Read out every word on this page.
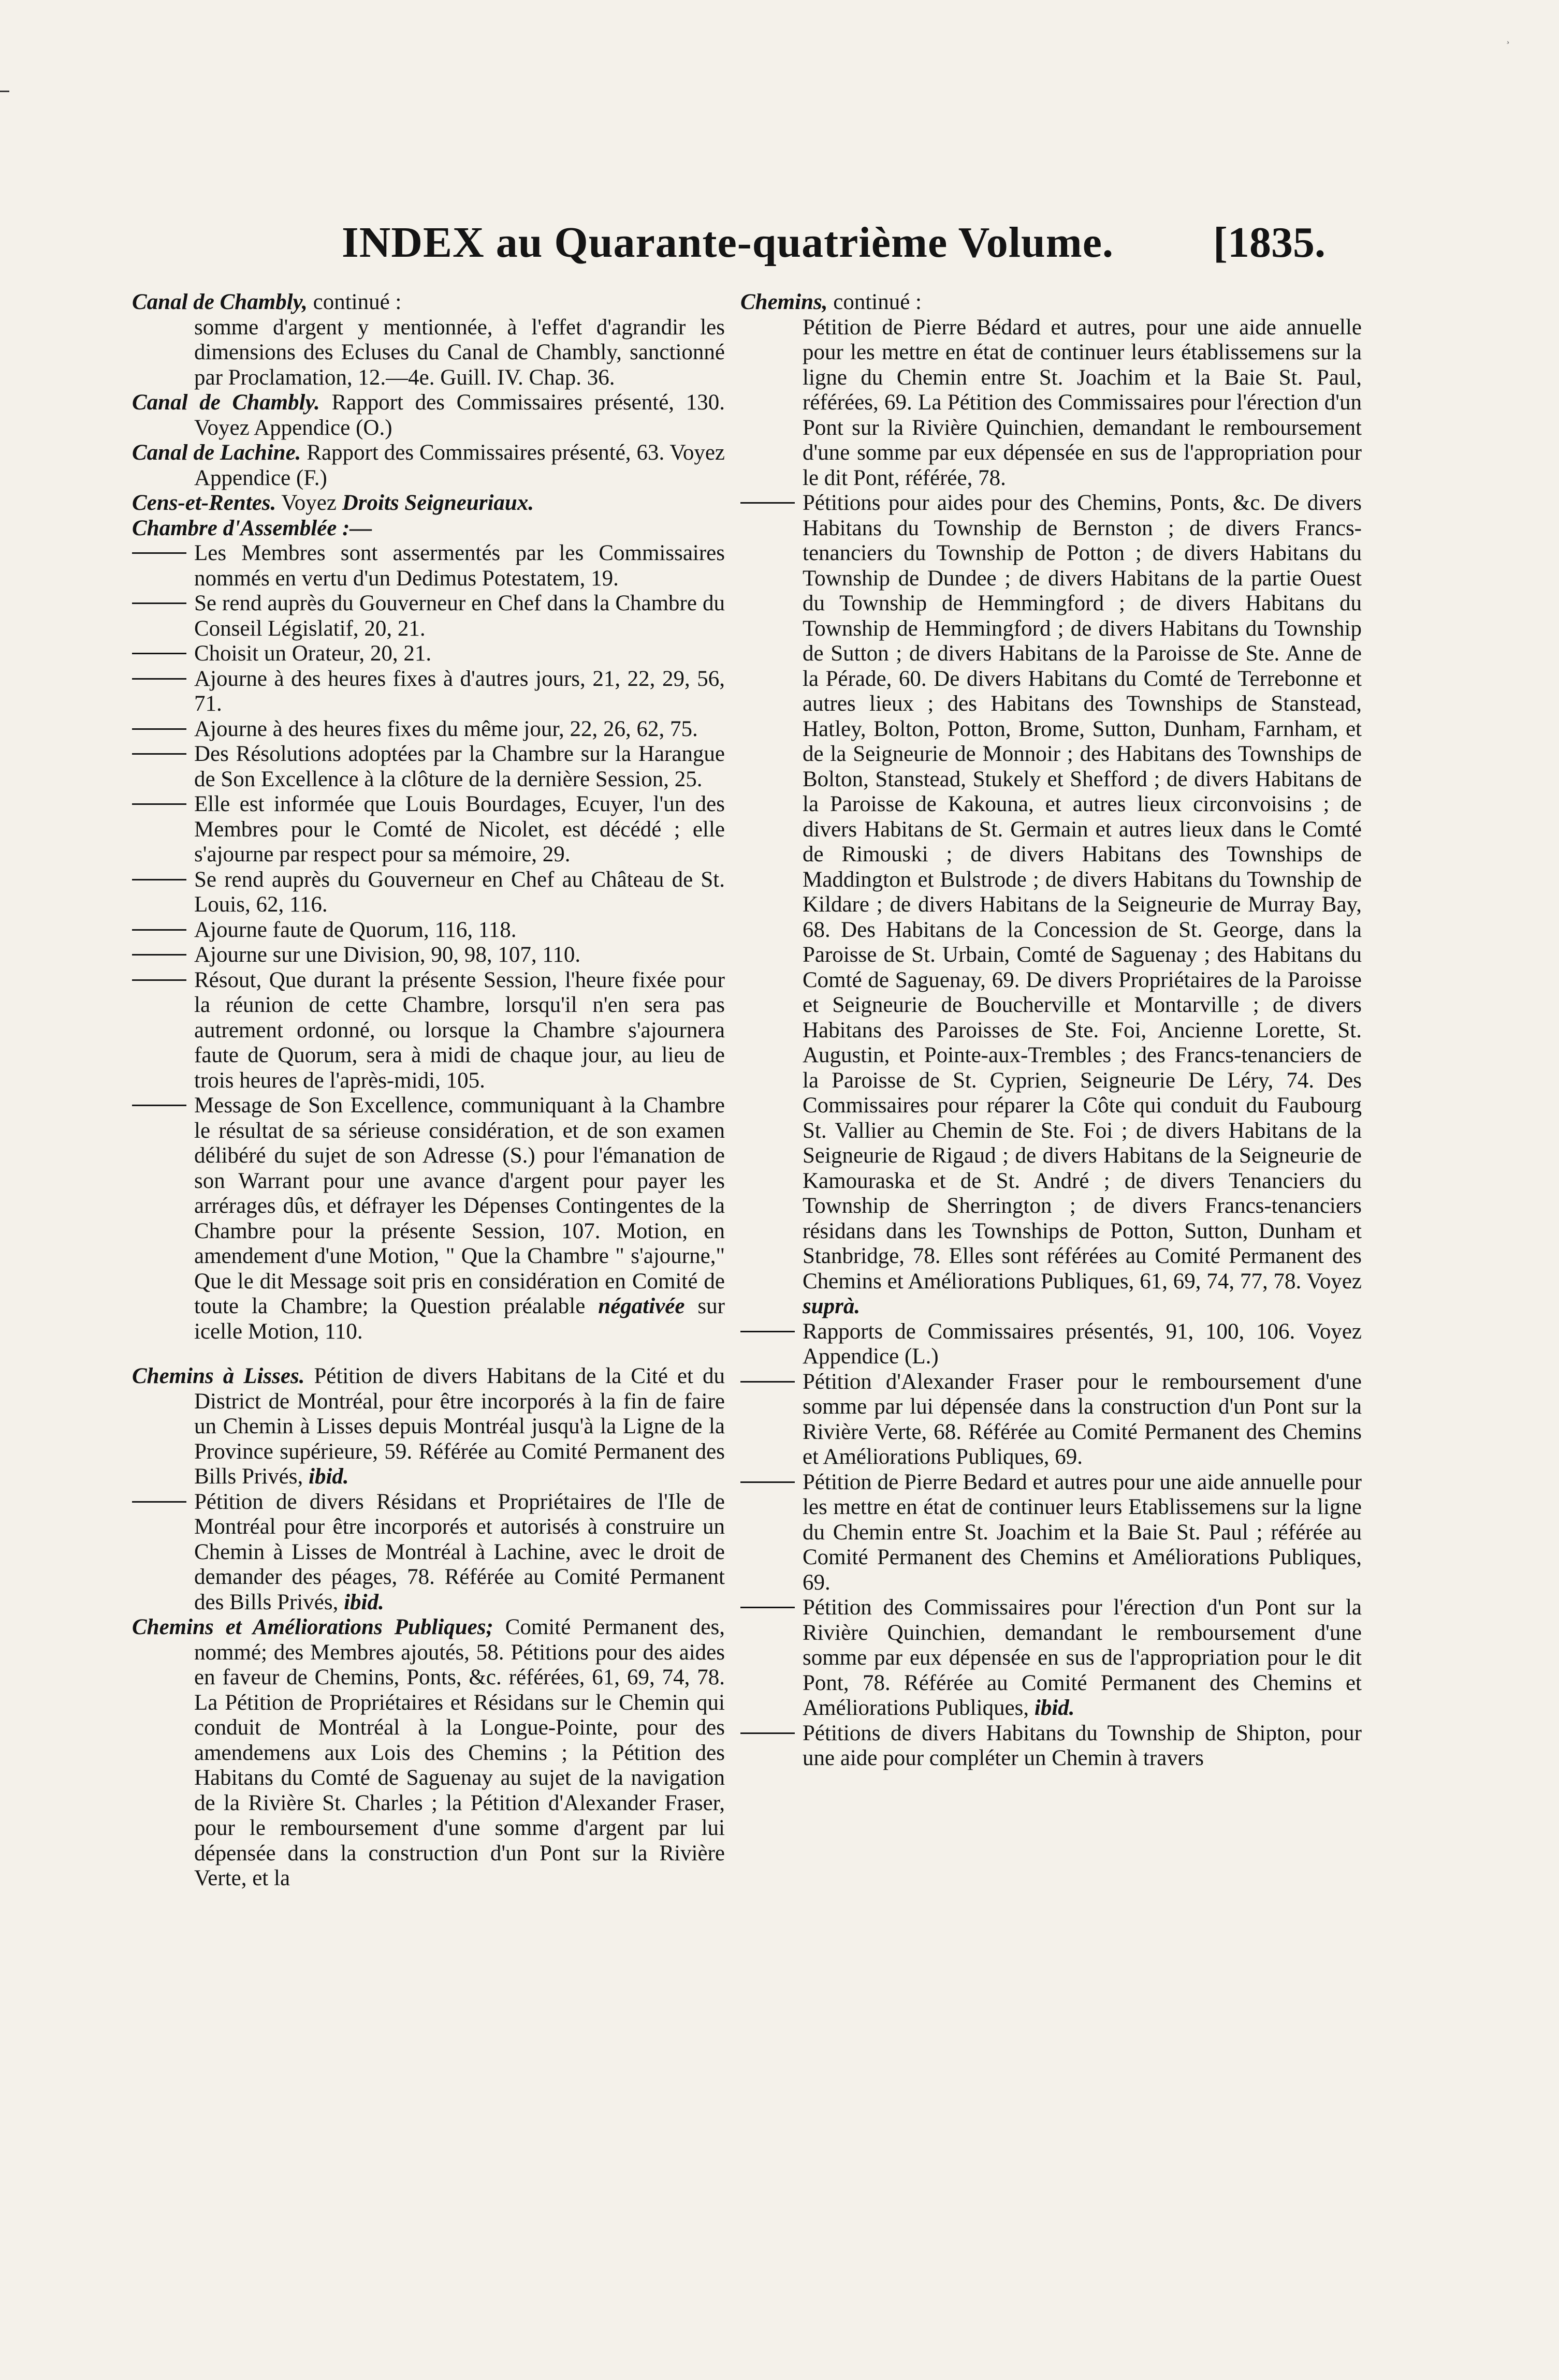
¸
INDEX au Quarante-quatrième Volume. [1835.
Canal de Chambly, continué :
somme d'argent y mentionnée, à l'effet d'agrandir les dimensions des Ecluses du Canal de Chambly, sanctionné par Proclamation, 12.—4e. Guill. IV. Chap. 36.
Canal de Chambly. Rapport des Commissaires présenté, 130. Voyez Appendice (O.)
Canal de Lachine. Rapport des Commissaires présenté, 63. Voyez Appendice (F.)
Cens-et-Rentes. Voyez Droits Seigneuriaux.
Chambre d'Assemblée :—
Les Membres sont assermentés par les Commissaires nommés en vertu d'un Dedimus Potestatem, 19.
Se rend auprès du Gouverneur en Chef dans la Chambre du Conseil Législatif, 20, 21.
Choisit un Orateur, 20, 21.
Ajourne à des heures fixes à d'autres jours, 21, 22, 29, 56, 71.
Ajourne à des heures fixes du même jour, 22, 26, 62, 75.
Des Résolutions adoptées par la Chambre sur la Harangue de Son Excellence à la clôture de la dernière Session, 25.
Elle est informée que Louis Bourdages, Ecuyer, l'un des Membres pour le Comté de Nicolet, est décédé ; elle s'ajourne par respect pour sa mémoire, 29.
Se rend auprès du Gouverneur en Chef au Château de St. Louis, 62, 116.
Ajourne faute de Quorum, 116, 118.
Ajourne sur une Division, 90, 98, 107, 110.
Résout, Que durant la présente Session, l'heure fixée pour la réunion de cette Chambre, lorsqu'il n'en sera pas autrement ordonné, ou lorsque la Chambre s'ajournera faute de Quorum, sera à midi de chaque jour, au lieu de trois heures de l'après-midi, 105.
Message de Son Excellence, communiquant à la Chambre le résultat de sa sérieuse considération, et de son examen délibéré du sujet de son Adresse (S.) pour l'émanation de son Warrant pour une avance d'argent pour payer les arrérages dûs, et défrayer les Dépenses Contingentes de la Chambre pour la présente Session, 107. Motion, en amendement d'une Motion, " Que la Chambre " s'ajourne," Que le dit Message soit pris en considération en Comité de toute la Chambre; la Question préalable négativée sur icelle Motion, 110.
Chemins à Lisses. Pétition de divers Habitans de la Cité et du District de Montréal, pour être incorporés à la fin de faire un Chemin à Lisses depuis Montréal jusqu'à la Ligne de la Province supérieure, 59. Référée au Comité Permanent des Bills Privés, ibid.
Pétition de divers Résidans et Propriétaires de l'Ile de Montréal pour être incorporés et autorisés à construire un Chemin à Lisses de Montréal à Lachine, avec le droit de demander des péages, 78. Référée au Comité Permanent des Bills Privés, ibid.
Chemins et Améliorations Publiques; Comité Permanent des, nommé; des Membres ajoutés, 58. Pétitions pour des aides en faveur de Chemins, Ponts, &c. référées, 61, 69, 74, 78. La Pétition de Propriétaires et Résidans sur le Chemin qui conduit de Montréal à la Longue-Pointe, pour des amendemens aux Lois des Chemins ; la Pétition des Habitans du Comté de Saguenay au sujet de la navigation de la Rivière St. Charles ; la Pétition d'Alexander Fraser, pour le remboursement d'une somme d'argent par lui dépensée dans la construction d'un Pont sur la Rivière Verte, et la
Chemins, continué :
Pétition de Pierre Bédard et autres, pour une aide annuelle pour les mettre en état de continuer leurs établissemens sur la ligne du Chemin entre St. Joachim et la Baie St. Paul, référées, 69. La Pétition des Commissaires pour l'érection d'un Pont sur la Rivière Quinchien, demandant le remboursement d'une somme par eux dépensée en sus de l'appropriation pour le dit Pont, référée, 78.
Pétitions pour aides pour des Chemins, Ponts, &c. De divers Habitans du Township de Bernston ; de divers Francs-tenanciers du Township de Potton ; de divers Habitans du Township de Dundee ; de divers Habitans de la partie Ouest du Township de Hemmingford ; de divers Habitans du Township de Hemmingford ; de divers Habitans du Township de Sutton ; de divers Habitans de la Paroisse de Ste. Anne de la Pérade, 60. De divers Habitans du Comté de Terrebonne et autres lieux ; des Habitans des Townships de Stanstead, Hatley, Bolton, Potton, Brome, Sutton, Dunham, Farnham, et de la Seigneurie de Monnoir ; des Habitans des Townships de Bolton, Stanstead, Stukely et Shefford ; de divers Habitans de la Paroisse de Kakouna, et autres lieux circonvoisins ; de divers Habitans de St. Germain et autres lieux dans le Comté de Rimouski ; de divers Habitans des Townships de Maddington et Bulstrode ; de divers Habitans du Township de Kildare ; de divers Habitans de la Seigneurie de Murray Bay, 68. Des Habitans de la Concession de St. George, dans la Paroisse de St. Urbain, Comté de Saguenay ; des Habitans du Comté de Saguenay, 69. De divers Propriétaires de la Paroisse et Seigneurie de Boucherville et Montarville ; de divers Habitans des Paroisses de Ste. Foi, Ancienne Lorette, St. Augustin, et Pointe-aux-Trembles ; des Francs-tenanciers de la Paroisse de St. Cyprien, Seigneurie De Léry, 74. Des Commissaires pour réparer la Côte qui conduit du Faubourg St. Vallier au Chemin de Ste. Foi ; de divers Habitans de la Seigneurie de Rigaud ; de divers Habitans de la Seigneurie de Kamouraska et de St. André ; de divers Tenanciers du Township de Sherrington ; de divers Francs-tenanciers résidans dans les Townships de Potton, Sutton, Dunham et Stanbridge, 78. Elles sont référées au Comité Permanent des Chemins et Améliorations Publiques, 61, 69, 74, 77, 78. Voyez suprà.
Rapports de Commissaires présentés, 91, 100, 106. Voyez Appendice (L.)
Pétition d'Alexander Fraser pour le remboursement d'une somme par lui dépensée dans la construction d'un Pont sur la Rivière Verte, 68. Référée au Comité Permanent des Chemins et Améliorations Publiques, 69.
Pétition de Pierre Bedard et autres pour une aide annuelle pour les mettre en état de continuer leurs Etablissemens sur la ligne du Chemin entre St. Joachim et la Baie St. Paul ; référée au Comité Permanent des Chemins et Améliorations Publiques, 69.
Pétition des Commissaires pour l'érection d'un Pont sur la Rivière Quinchien, demandant le remboursement d'une somme par eux dépensée en sus de l'appropriation pour le dit Pont, 78. Référée au Comité Permanent des Chemins et Améliorations Publiques, ibid.
Pétitions de divers Habitans du Township de Shipton, pour une aide pour compléter un Chemin à travers
